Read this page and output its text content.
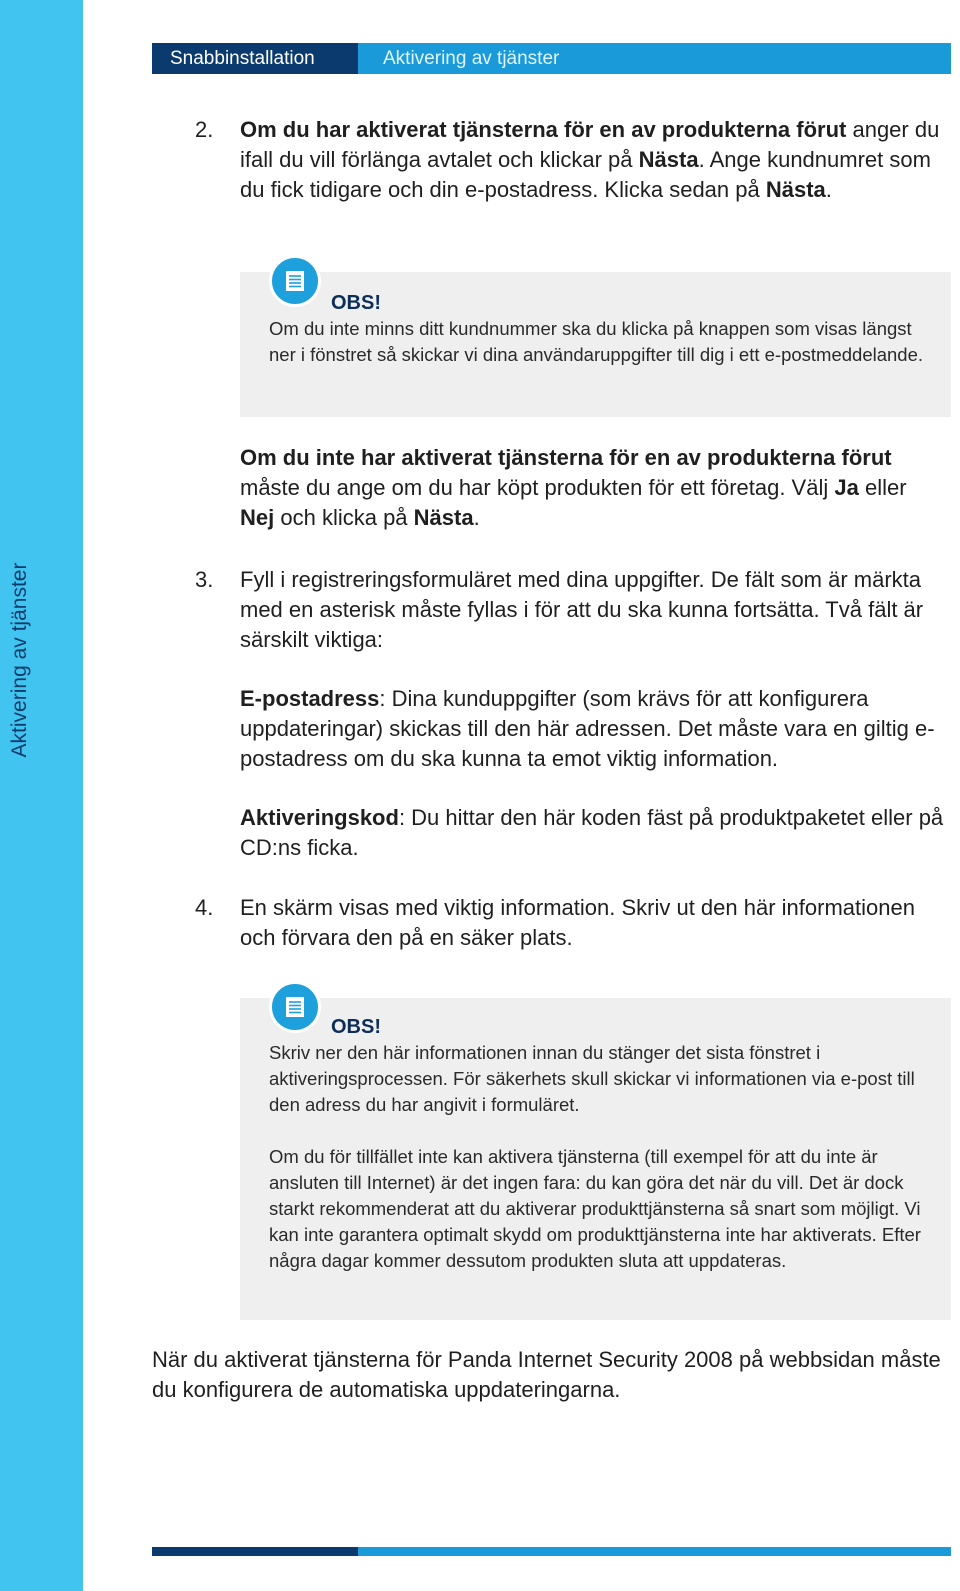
Aktivering av tjänster
Snabbinstallation	Aktivering av tjänster
2. Om du har aktiverat tjänsterna för en av produkterna förut anger du ifall du vill förlänga avtalet och klickar på Nästa. Ange kundnumret som du fick tidigare och din e-postadress. Klicka sedan på Nästa.
OBS!
Om du inte minns ditt kundnummer ska du klicka på knappen som visas längst ner i fönstret så skickar vi dina användaruppgifter till dig i ett e-postmeddelande.
Om du inte har aktiverat tjänsterna för en av produkterna förut måste du ange om du har köpt produkten för ett företag. Välj Ja eller Nej och klicka på Nästa.
3. Fyll i registreringsformuläret med dina uppgifter. De fält som är märkta med en asterisk måste fyllas i för att du ska kunna fortsätta. Två fält är särskilt viktiga:
E-postadress: Dina kunduppgifter (som krävs för att konfigurera uppdateringar) skickas till den här adressen. Det måste vara en giltig e-postadress om du ska kunna ta emot viktig information.
Aktiveringskod: Du hittar den här koden fäst på produktpaketet eller på CD:ns ficka.
4. En skärm visas med viktig information. Skriv ut den här informationen och förvara den på en säker plats.
OBS!
Skriv ner den här informationen innan du stänger det sista fönstret i aktiveringsprocessen. För säkerhets skull skickar vi informationen via e-post till den adress du har angivit i formuläret.
Om du för tillfället inte kan aktivera tjänsterna (till exempel för att du inte är ansluten till Internet) är det ingen fara: du kan göra det när du vill. Det är dock starkt rekommenderat att du aktiverar produkttjänsterna så snart som möjligt. Vi kan inte garantera optimalt skydd om produkttjänsterna inte har aktiverats. Efter några dagar kommer dessutom produkten sluta att uppdateras.
När du aktiverat tjänsterna för Panda Internet Security 2008 på webbsidan måste du konfigurera de automatiska uppdateringarna.
